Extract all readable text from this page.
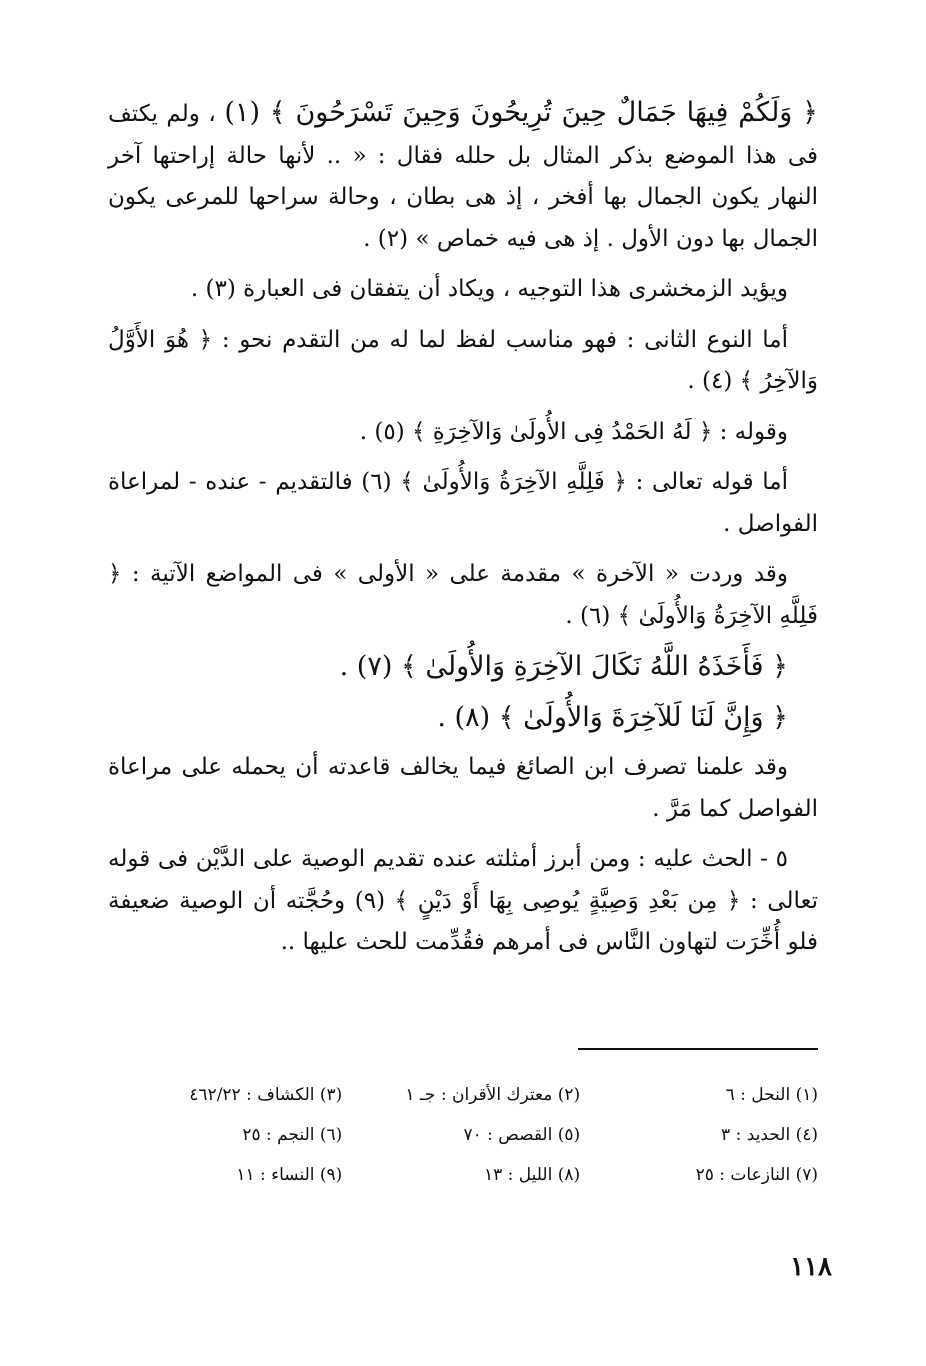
﴿ وَلَكُمْ فِيهَا جَمَالٌ حِينَ تُرِيحُونَ وَحِينَ تَسْرَحُونَ ﴾ (١) ، ولم يكتف فى هذا الموضع بذكر المثال بل حلله فقال : « .. لأنها حالة إراحتها آخر النهار يكون الجمال بها أفخر ، إذ هى بطان ، وحالة سراحها للمرعى يكون الجمال بها دون الأول . إذ هى فيه خماص » (٢) .

ويؤيد الزمخشرى هذا التوجيه ، ويكاد أن يتفقان فى العبارة (٣) .

أما النوع الثانى : فهو مناسب لفظ لما له من التقدم نحو : ﴿ هُوَ الأَوَّلُ وَالآخِرُ ﴾ (٤) .

وقوله : ﴿ لَهُ الحَمْدُ فِى الأُولَىٰ وَالآخِرَةِ ﴾ (٥) .

أما قوله تعالى : ﴿ فَلِلَّهِ الآخِرَةُ وَالأُولَىٰ ﴾ (٦) فالتقديم - عنده - لمراعاة الفواصل .

وقد وردت « الآخرة » مقدمة على « الأولى » فى المواضع الآتية : ﴿ فَلِلَّهِ الآخِرَةُ وَالأُولَىٰ ﴾ (٦) .

﴿ فَأَخَذَهُ اللَّهُ نَكَالَ الآخِرَةِ وَالأُولَىٰ ﴾ (٧) .

﴿ وَإِنَّ لَنَا لَلآخِرَةَ وَالأُولَىٰ ﴾ (٨) .

وقد علمنا تصرف ابن الصائغ فيما يخالف قاعدته أن يحمله على مراعاة الفواصل كما مَرَّ .

٥ - الحث عليه : ومن أبرز أمثلته عنده تقديم الوصية على الدَّيْن فى قوله تعالى : ﴿ مِن بَعْدِ وَصِيَّةٍ يُوصِى بِهَا أَوْ دَيْنٍ ﴾ (٩) وحُجَّته أن الوصية ضعيفة فلو أُخِّرَت لتهاون النَّاس فى أمرهم فقُدِّمت للحث عليها ..

(١) النحل : ٦
(٢) معترك الأقران : جـ ١
(٣) الكشاف : ٤٦٢/٢٢
(٤) الحديد : ٣
(٥) القصص : ٧٠
(٦) النجم : ٢٥
(٧) النازعات : ٢٥
(٨) الليل : ١٣
(٩) النساء : ١١
١١٨
